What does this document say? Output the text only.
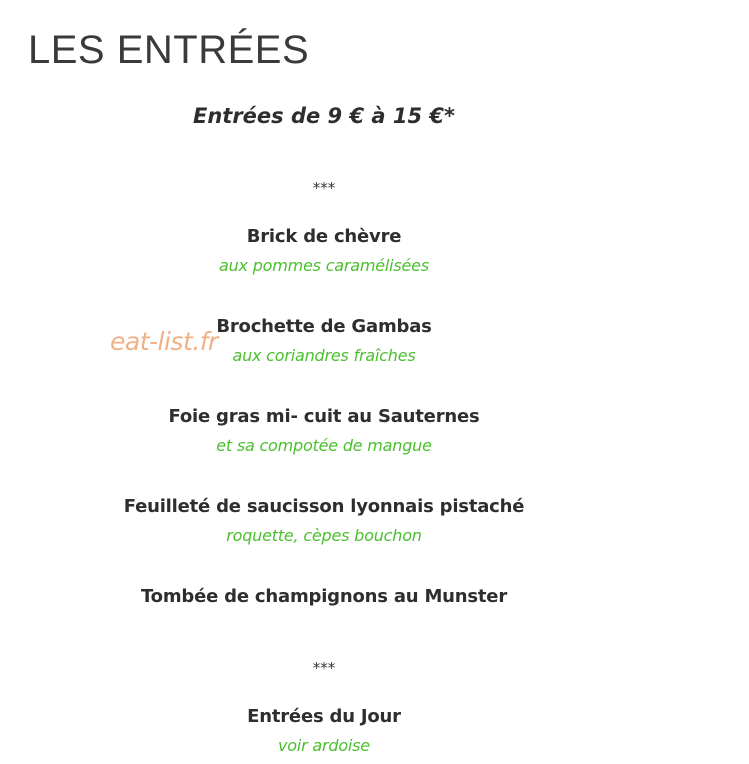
LES ENTRÉES
Entrées de 9 € à 15 €*
***
Brick de chèvre
aux pommes caramélisées
Brochette de Gambas
aux coriandres fraîches
Foie gras mi- cuit au Sauternes
et sa compotée de mangue
Feuilleté de saucisson lyonnais pistaché
roquette, cèpes bouchon
Tombée de champignons au Munster
***
Entrées du Jour
voir ardoise
eat-list.fr
